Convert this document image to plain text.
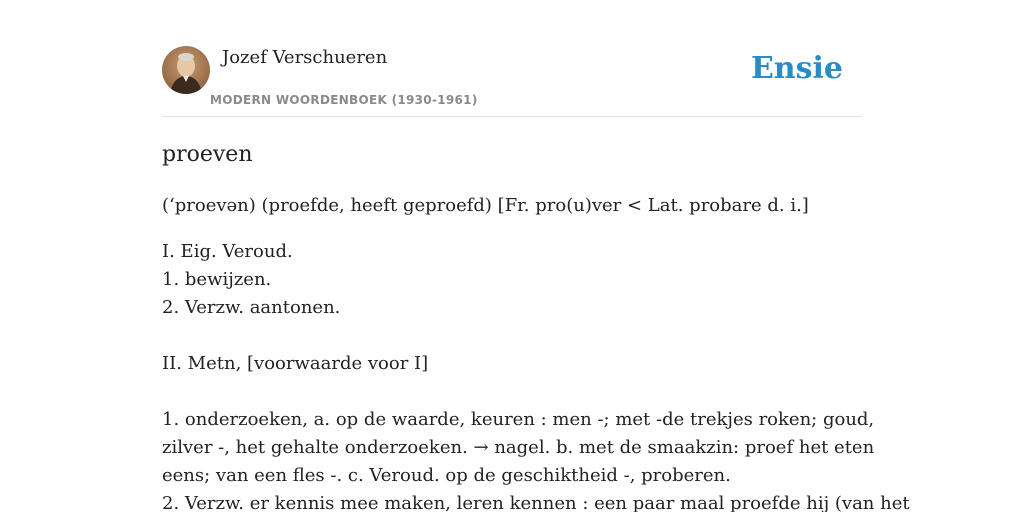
Jozef Verschueren
MODERN WOORDENBOEK (1930-1961)
Ensie
proeven
(‘proevən) (proefde, heeft geproefd) [Fr. pro(u)ver < Lat. probare d. i.]
I. Eig. Veroud.
1. bewijzen.
2. Verzw. aantonen.
II. Metn, [voorwaarde voor I]
1. onderzoeken, a. op de waarde, keuren : men -; met -de trekjes roken; goud,
zilver -, het gehalte onderzoeken. → nagel. b. met de smaakzin: proef het eten
eens; van een fles -. c. Veroud. op de geschiktheid -, proberen.
2. Verzw. er kennis mee maken, leren kennen : een paar maal proefde hij (van het
